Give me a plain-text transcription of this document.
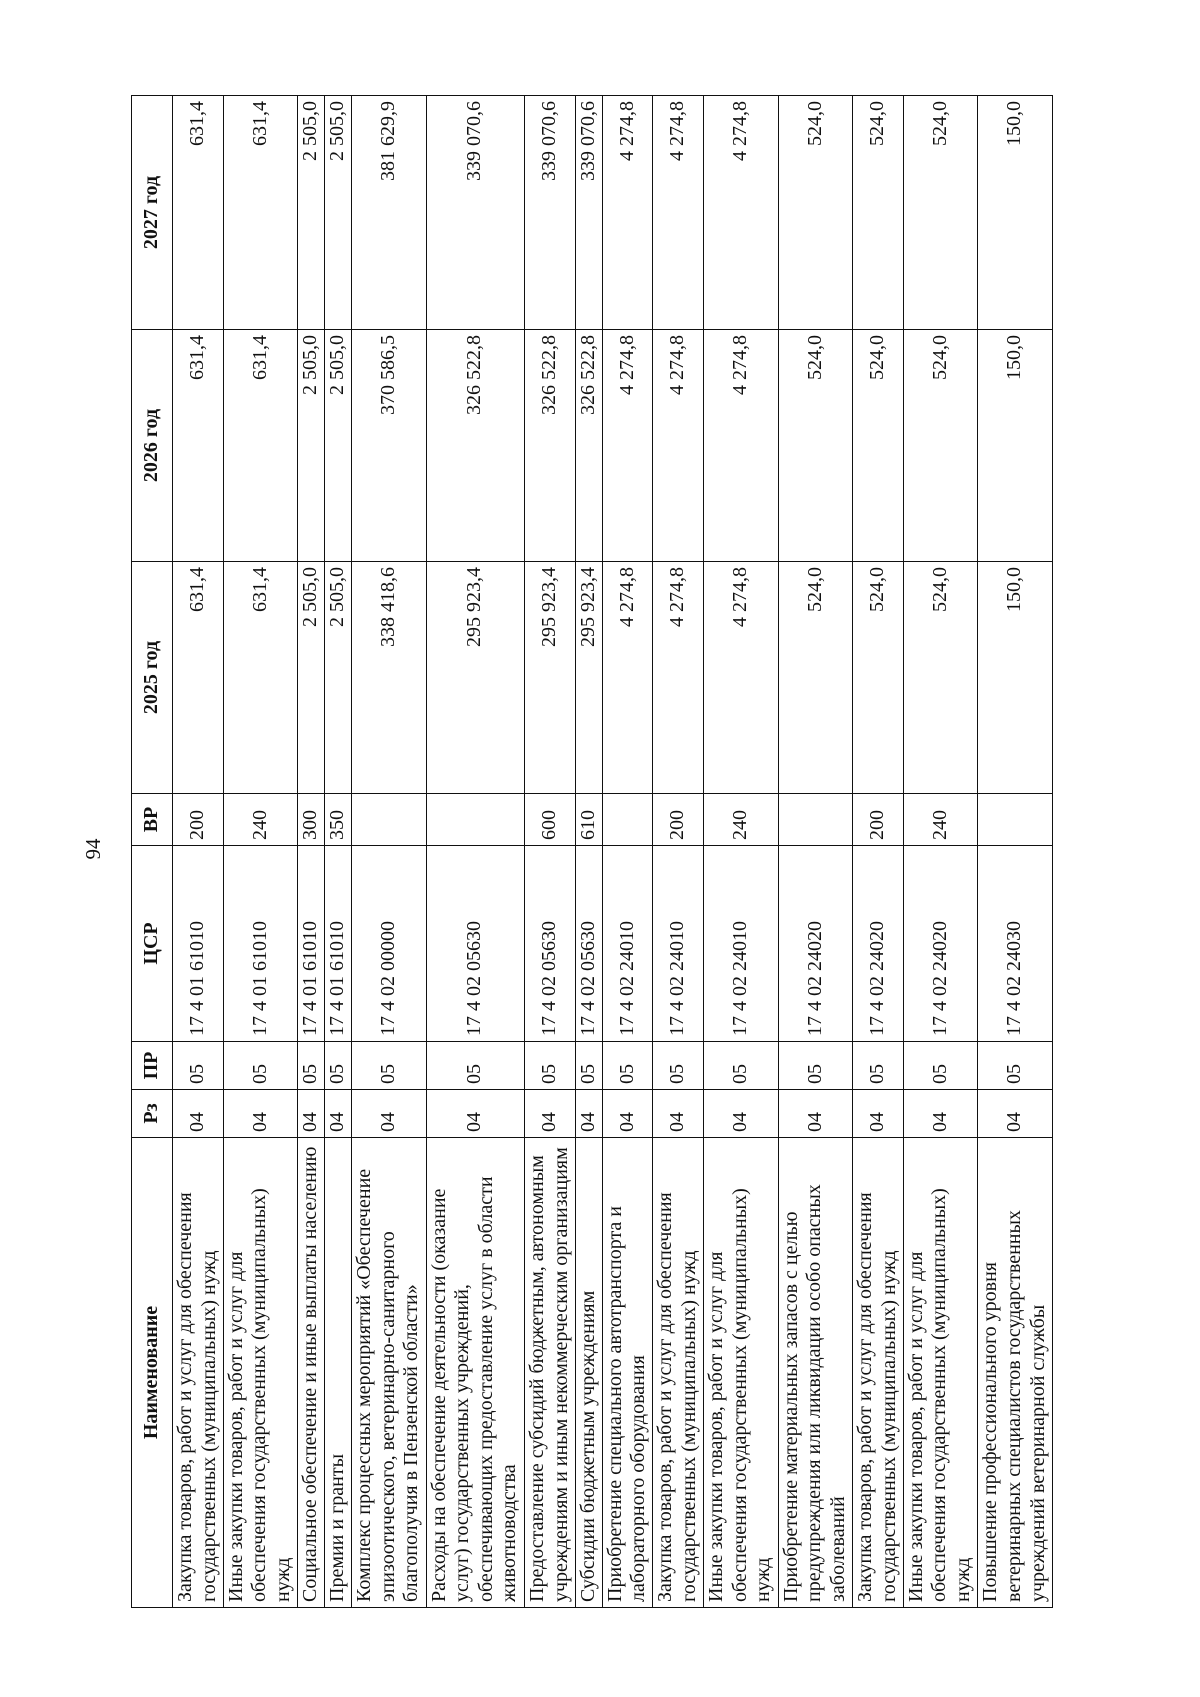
94
Наименование	Рз	ПР	ЦСР	ВР	2025 год	2026 год	2027 год
Закупка товаров, работ и услуг для обеспечения государственных (муниципальных) нужд	04	05	17 4 01 61010	200	631,4	631,4	631,4
Иные закупки товаров, работ и услуг для обеспечения государственных (муниципальных) нужд	04	05	17 4 01 61010	240	631,4	631,4	631,4
Социальное обеспечение и иные выплаты населению	04	05	17 4 01 61010	300	2 505,0	2 505,0	2 505,0
Премии и гранты	04	05	17 4 01 61010	350	2 505,0	2 505,0	2 505,0
Комплекс процессных мероприятий «Обеспечение эпизоотического, ветеринарно-санитарного благополучия в Пензенской области»	04	05	17 4 02 00000		338 418,6	370 586,5	381 629,9
Расходы на обеспечение деятельности (оказание услуг) государственных учреждений, обеспечивающих предоставление услуг в области животноводства	04	05	17 4 02 05630		295 923,4	326 522,8	339 070,6
Предоставление субсидий бюджетным, автономным учреждениям и иным некоммерческим организациям	04	05	17 4 02 05630	600	295 923,4	326 522,8	339 070,6
Субсидии бюджетным учреждениям	04	05	17 4 02 05630	610	295 923,4	326 522,8	339 070,6
Приобретение специального автотранспорта и лабораторного оборудования	04	05	17 4 02 24010		4 274,8	4 274,8	4 274,8
Закупка товаров, работ и услуг для обеспечения государственных (муниципальных) нужд	04	05	17 4 02 24010	200	4 274,8	4 274,8	4 274,8
Иные закупки товаров, работ и услуг для обеспечения государственных (муниципальных) нужд	04	05	17 4 02 24010	240	4 274,8	4 274,8	4 274,8
Приобретение материальных запасов с целью предупреждения или ликвидации особо опасных заболеваний	04	05	17 4 02 24020		524,0	524,0	524,0
Закупка товаров, работ и услуг для обеспечения государственных (муниципальных) нужд	04	05	17 4 02 24020	200	524,0	524,0	524,0
Иные закупки товаров, работ и услуг для обеспечения государственных (муниципальных) нужд	04	05	17 4 02 24020	240	524,0	524,0	524,0
Повышение профессионального уровня ветеринарных специалистов государственных учреждений ветеринарной службы	04	05	17 4 02 24030		150,0	150,0	150,0
